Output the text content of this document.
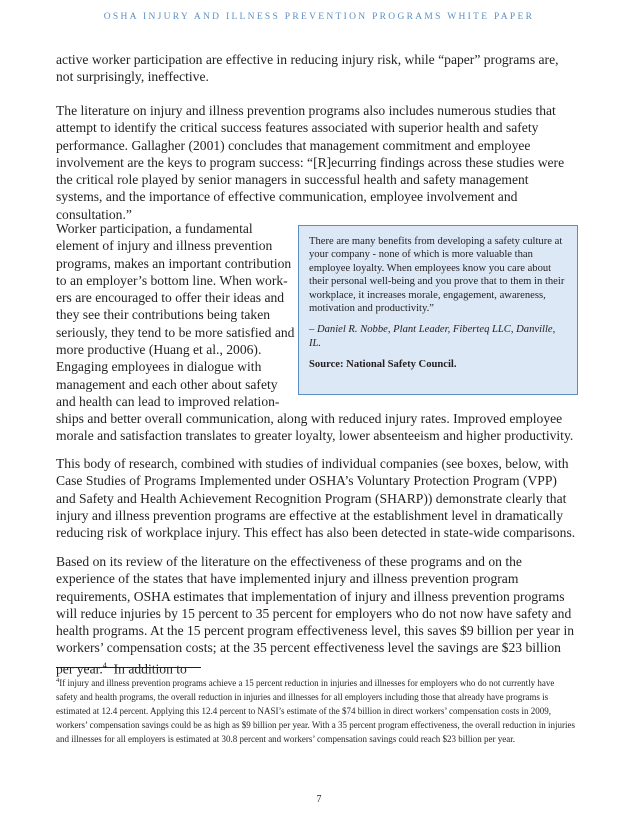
OSHA INJURY AND ILLNESS PREVENTION PROGRAMS WHITE PAPER

active worker participation are effective in reducing injury risk, while “paper” programs are, not surprisingly, ineffective.

The literature on injury and illness prevention programs also includes numerous studies that attempt to identify the critical success features associated with superior health and safety performance. Gallagher (2001) concludes that management commitment and employee involvement are the keys to program success: “[R]ecurring findings across these studies were the critical role played by senior managers in successful health and safety management systems, and the importance of effective communication, employee involvement and consultation.”

Worker participation, a fundamental element of injury and illness prevention programs, makes an important contribution to an employer’s bottom line. When workers are encouraged to offer their ideas and they see their contributions being taken seriously, they tend to be more satisfied and more productive (Huang et al., 2006). Engaging employees in dialogue with management and each other about safety and health can lead to improved relation-

There are many benefits from developing a safety culture at your company - none of which is more valuable than employee loyalty. When employees know you care about their personal well-being and you prove that to them in their workplace, it increases morale, engagement, awareness, motivation and productivity.”

– Daniel R. Nobbe, Plant Leader, Fiberteq LLC, Danville, IL.

Source: National Safety Council.

ships and better overall communication, along with reduced injury rates. Improved employee morale and satisfaction translates to greater loyalty, lower absenteeism and higher productivity.

This body of research, combined with studies of individual companies (see boxes, below, with Case Studies of Programs Implemented under OSHA’s Voluntary Protection Program (VPP) and Safety and Health Achievement Recognition Program (SHARP)) demonstrate clearly that injury and illness prevention programs are effective at the establishment level in dramatically reducing risk of workplace injury. This effect has also been detected in state-wide comparisons.

Based on its review of the literature on the effectiveness of these programs and on the experience of the states that have implemented injury and illness prevention program requirements, OSHA estimates that implementation of injury and illness prevention programs will reduce injuries by 15 percent to 35 percent for employers who do not now have safety and health programs. At the 15 percent program effectiveness level, this saves $9 billion per year in workers’ compensation costs; at the 35 percent effectiveness level the savings are $23 billion per year.$^4$  In addition to

$^4$If injury and illness prevention programs achieve a 15 percent reduction in injuries and illnesses for employers who do not currently have safety and health programs, the overall reduction in injuries and illnesses for all employers including those that already have programs is estimated at 12.4 percent. Applying this 12.4 percent to NASI’s estimate of the $74 billion in direct workers’ compensation costs in 2009, workers’ compensation savings could be as high as $9 billion per year. With a 35 percent program effectiveness, the overall reduction in injuries and illnesses for all employers is estimated at 30.8 percent and workers’ compensation savings could reach $23 billion per year.

7
